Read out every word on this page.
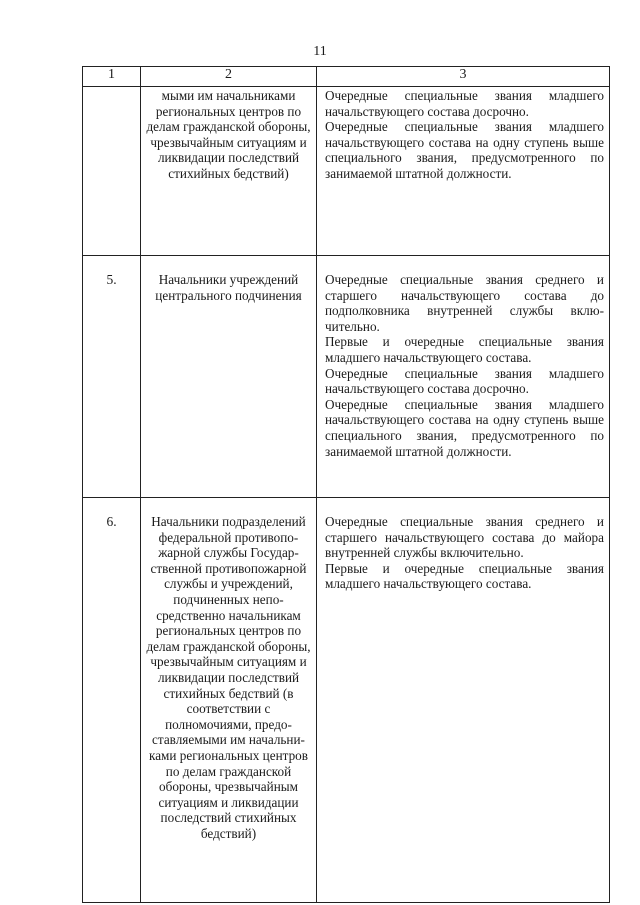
11
1	2	3
	мыми им начальниками региональных центров по делам гражданской обороны, чрезвычайным ситуациям и ликвидации последствий стихийных бедствий)	Очередные специальные звания младшего начальствующего состава досрочно.
Очередные специальные звания младшего начальствующего состава на одну ступень выше специального звания, предусмотренного по занимаемой штатной должности.

5.	Начальники учреждений центрального подчинения	Очередные специальные звания среднего и старшего начальствующего состава до подполковника внутренней службы включительно.
Первые и очередные специальные звания младшего начальствующего состава.
Очередные специальные звания младшего начальствующего состава досрочно.
Очередные специальные звания младшего начальствующего состава на одну ступень выше специального звания, предусмотренного по занимаемой штатной должности.

6.	Начальники подразделений федеральной противопожарной службы Государственной противопожарной службы и учреждений, подчиненных непосредственно начальникам региональных центров по делам гражданской обороны, чрезвычайным ситуациям и ликвидации последствий стихийных бедствий (в соответствии с полномочиями, предоставляемыми им начальниками региональных центров по делам гражданской обороны, чрезвычайным ситуациям и ликвидации последствий стихийных бедствий)	Очередные специальные звания среднего и старшего начальствующего состава до майора внутренней службы включительно.
Первые и очередные специальные звания младшего начальствующего состава.
